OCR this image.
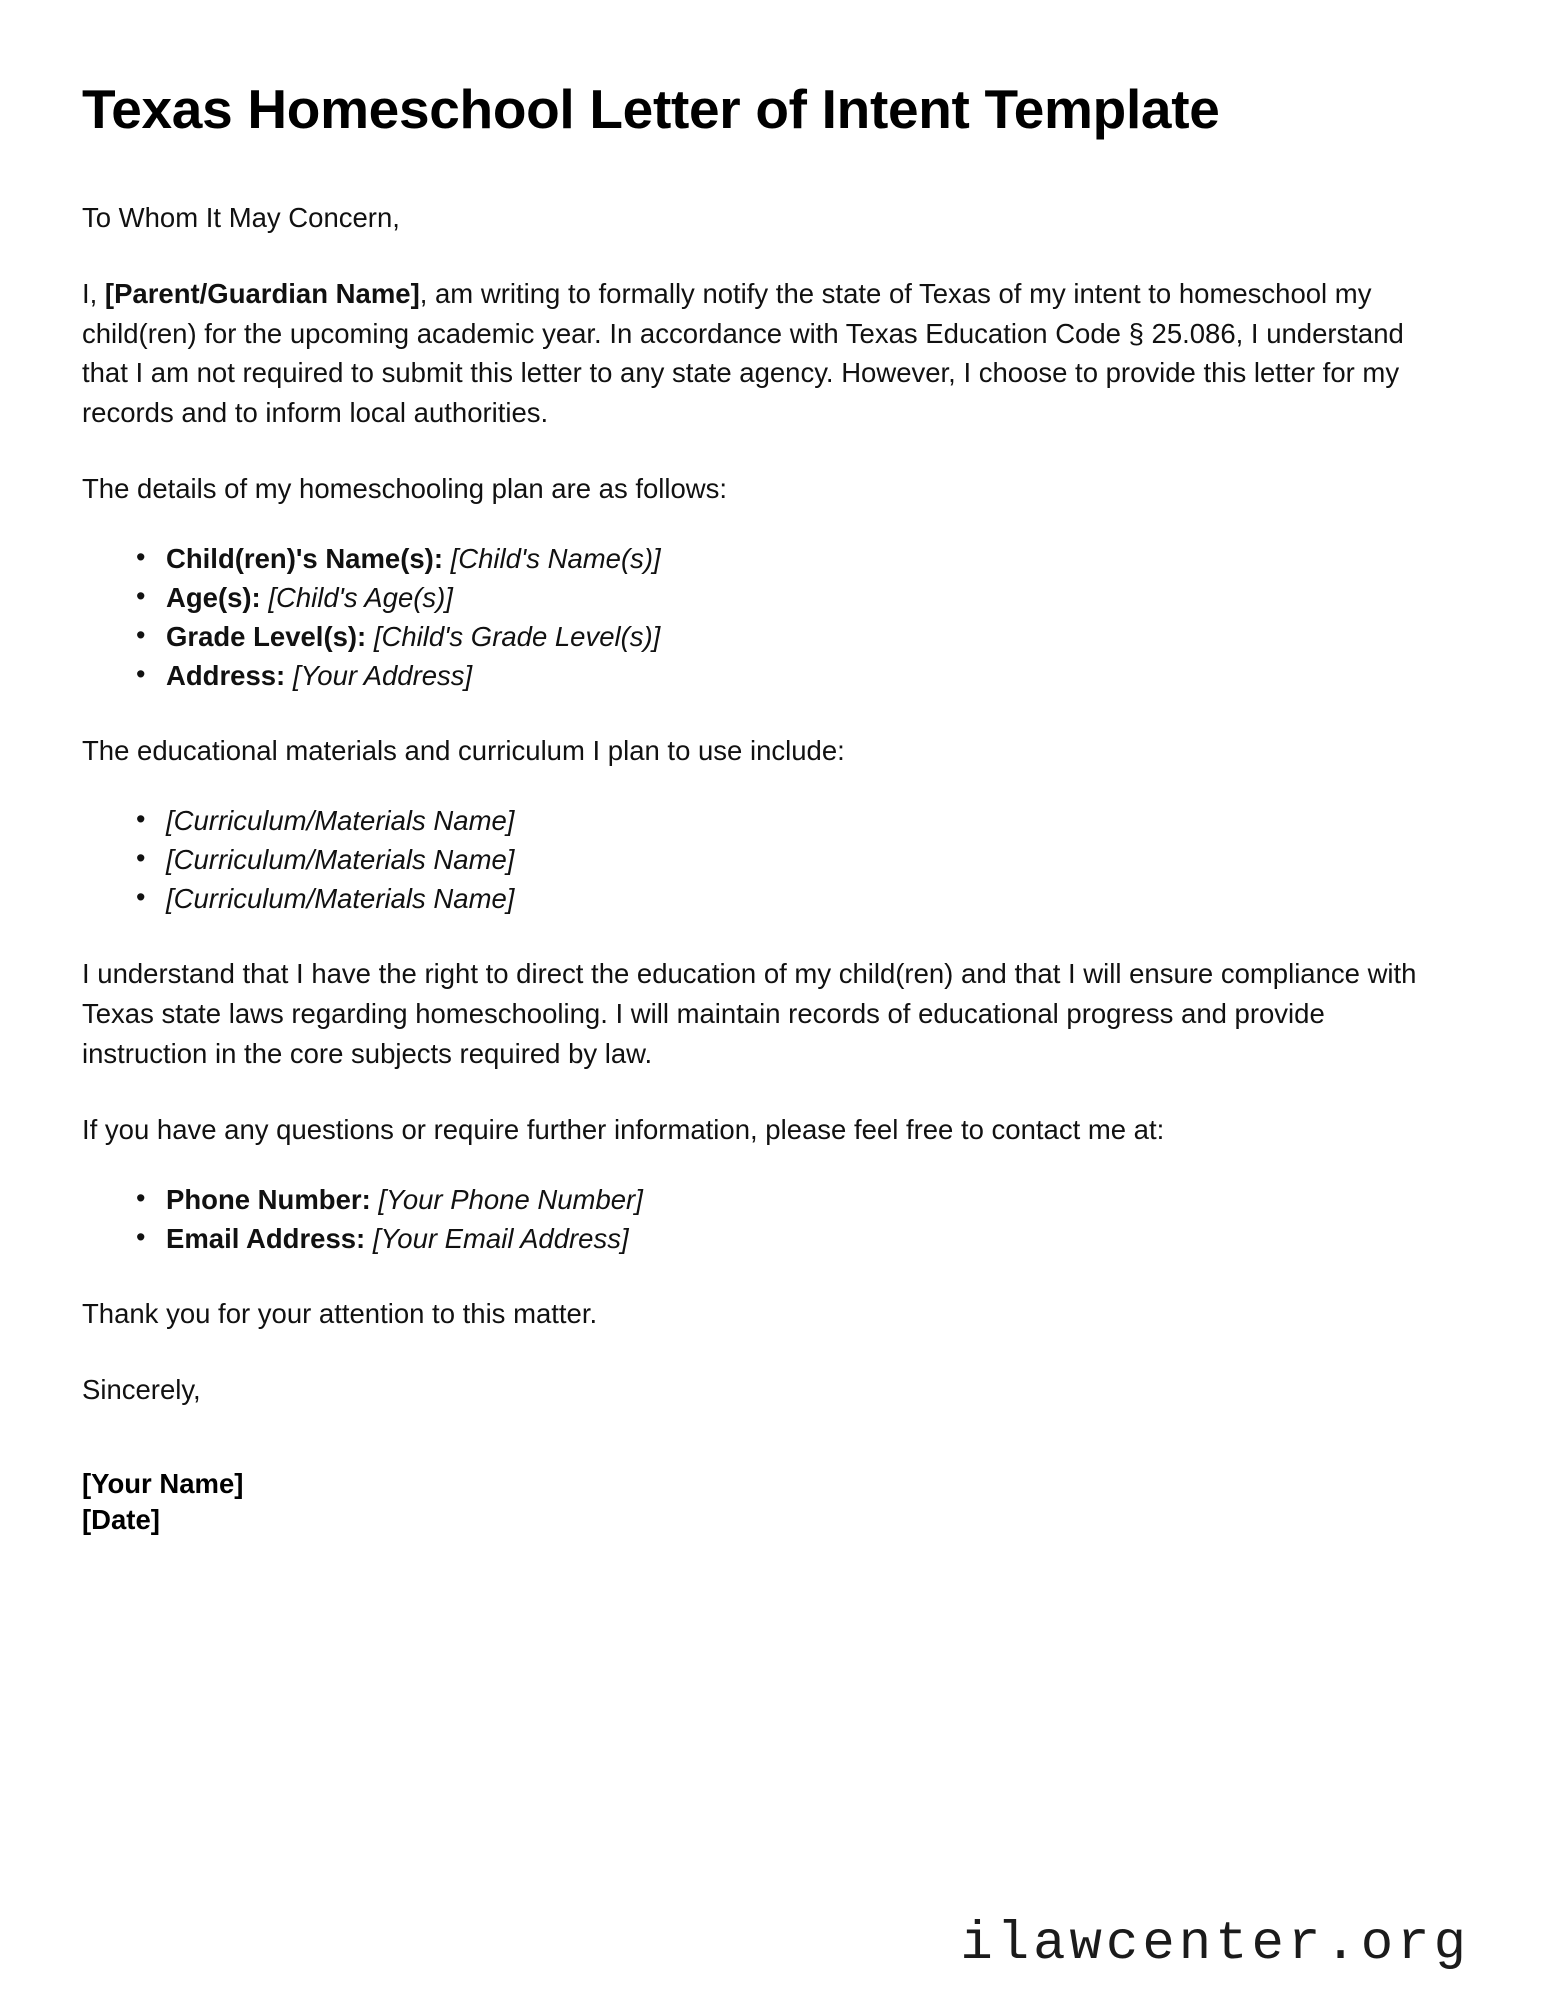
Texas Homeschool Letter of Intent Template

To Whom It May Concern,

I, [Parent/Guardian Name], am writing to formally notify the state of Texas of my intent to homeschool my child(ren) for the upcoming academic year. In accordance with Texas Education Code § 25.086, I understand that I am not required to submit this letter to any state agency. However, I choose to provide this letter for my records and to inform local authorities.

The details of my homeschooling plan are as follows:

• Child(ren)'s Name(s): [Child's Name(s)]
• Age(s): [Child's Age(s)]
• Grade Level(s): [Child's Grade Level(s)]
• Address: [Your Address]

The educational materials and curriculum I plan to use include:

• [Curriculum/Materials Name]
• [Curriculum/Materials Name]
• [Curriculum/Materials Name]

I understand that I have the right to direct the education of my child(ren) and that I will ensure compliance with Texas state laws regarding homeschooling. I will maintain records of educational progress and provide instruction in the core subjects required by law.

If you have any questions or require further information, please feel free to contact me at:

• Phone Number: [Your Phone Number]
• Email Address: [Your Email Address]

Thank you for your attention to this matter.

Sincerely,

[Your Name]

[Date]

ilawcenter.org
